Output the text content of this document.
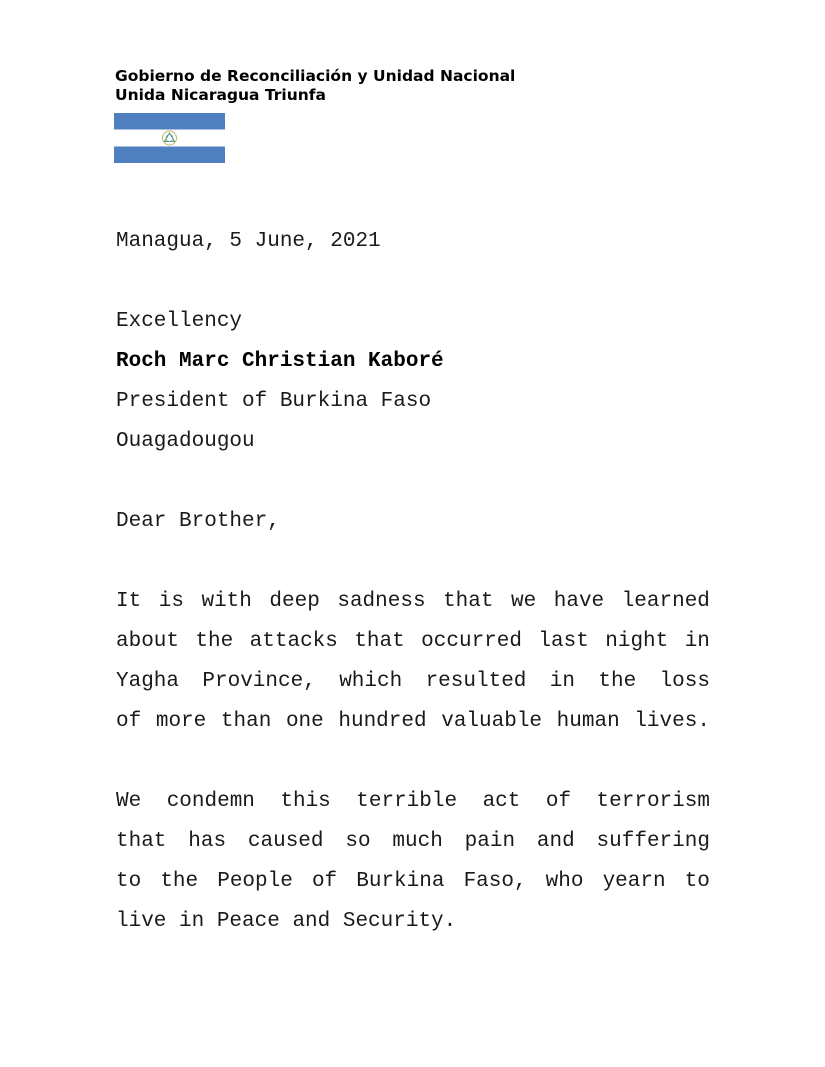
Gobierno de Reconciliación y Unidad Nacional
Unida Nicaragua Triunfa
Managua, 5 June, 2021
Excellency
Roch Marc Christian Kaboré
President of Burkina Faso
Ouagadougou
Dear Brother,
It is with deep sadness that we have learned
about the attacks that occurred last night in
Yagha Province, which resulted in the loss
of more than one hundred valuable human lives.
We condemn this terrible act of terrorism
that has caused so much pain and suffering
to the People of Burkina Faso, who yearn to
live in Peace and Security.
